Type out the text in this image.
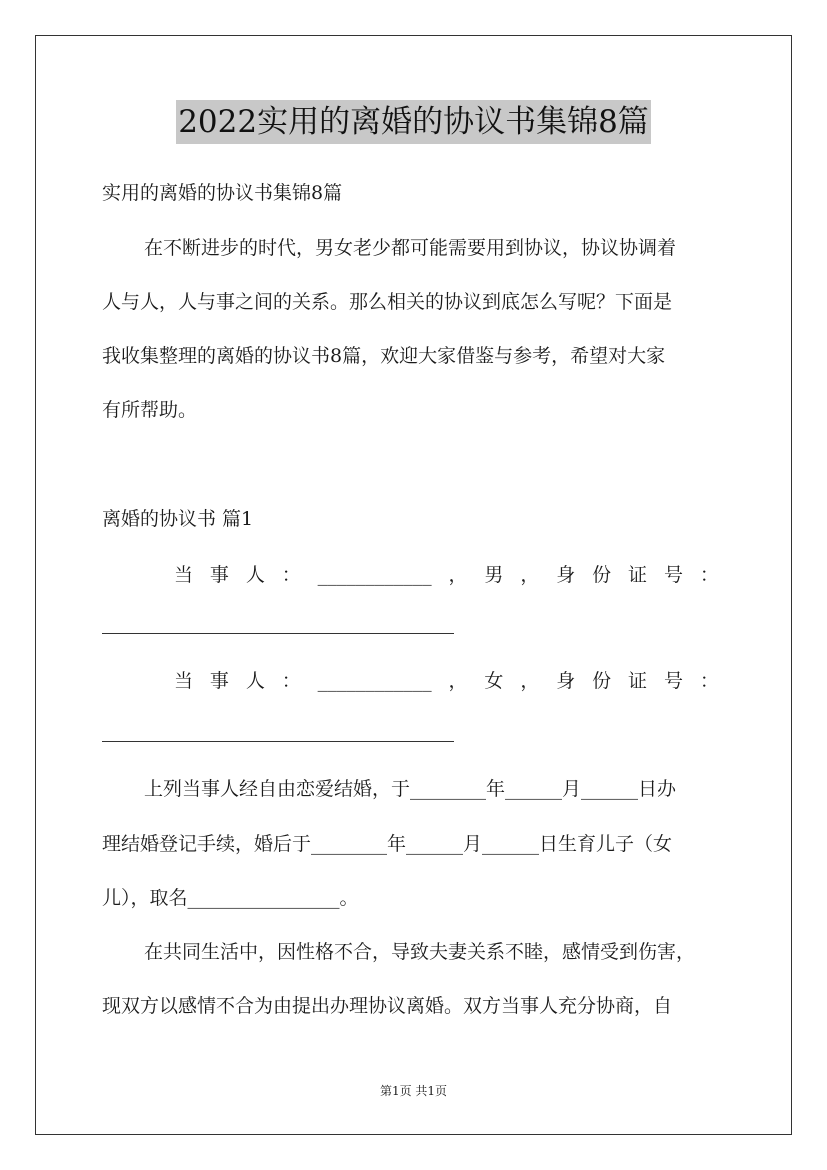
2022实用的离婚的协议书集锦8篇
实用的离婚的协议书集锦8篇
在不断进步的时代，男女老少都可能需要用到协议，协议协调着
人与人，人与事之间的关系。那么相关的协议到底怎么写呢？下面是
我收集整理的离婚的协议书8篇，欢迎大家借鉴与参考，希望对大家
有所帮助。
离婚的协议书 篇1
当 事 人 ： ____________ ， 男 ， 身 份 证 号 ：
当 事 人 ： ____________ ， 女 ， 身 份 证 号 ：
上列当事人经自由恋爱结婚，于________年______月______日办
理结婚登记手续，婚后于________年______月______日生育儿子（女
儿），取名________________。
在共同生活中，因性格不合，导致夫妻关系不睦，感情受到伤害，
现双方以感情不合为由提出办理协议离婚。双方当事人充分协商，自
第1页 共1页
